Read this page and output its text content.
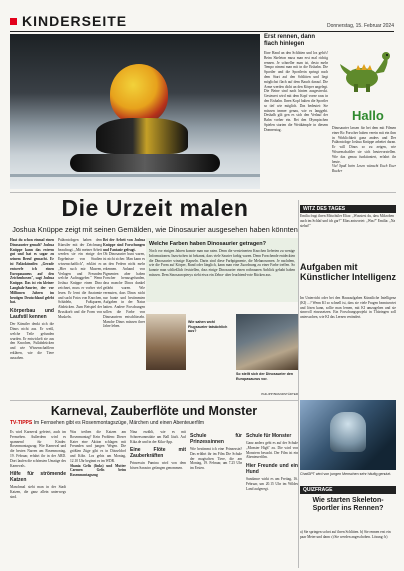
KINDERSEITE	Donnerstag, 15. Februar 2024
Erst rennen, dann flach hinlegen
Eine Hand an den Schlitten und los geht's! Beim Skeleton muss man erst mal richtig rennen. Je schneller man ist, desto mehr Tempo nimmt man mit in die Eisbahn. Die Sportler und die Sportlerin springt nach dem Start auf den Schlitten und liegt möglichst flach auf dem Bauch darauf. Die Arme werden dicht an den Körper angelegt. Die Beine sind nach hinten ausgestreckt. Gesteuert wird mit dem Kopf vorne raus in den Eisbahn. Ihren Kopf halten die Sportler so tief wie möglich. Das bedeutet: Sie müssen immer genau, wie es langgeht. Deshalb gilt gen es sich den Verlauf der Bahn vorher ein. Bei den Olympischen Spielen starten die Wettkämpfe in diesem Donnerstag.
Hallo
Dinosaurier lassen für bei dem mit Filmen einer Ro Forscher haben verein mit ein ihm in Wirklichkeit ganz anders und Der Paläontologe Joshua Knüppe arbeitet daran. Er will Dinos so zu zeigen, wie Wissenschaftler sie sich heutevorstellen. Wie das genau funktioniert, erfahrt ihr heute.
Viel Spaß beim Lesen wünscht Euch Euer Rucker
WITZ DES TAGES
Emilia fragt ihren Mitschüler Elias: „Wusstest du, dass Mikroben auch im Schlaf und ich gar?" Elias antwortet: „Was?" Emilia: „Na siehst!"
Die Urzeit malen
Joshua Knüppe zeigt mit seinen Gemälden, wie Dinosaurier ausgesehen haben könnten
Hast du schon einmal einen Dinosaurier gemalt? Joshua Knüppe kann das extrem gut und hat es sogar zu seinem Beruf gemacht. Er ist Paläokünstler. „Gerade entwerfe ich einen Europasaurus auf den Zeichenboxen", sagt Joshua Knüppe. Das ist ein kleiner Langhals-Saurier, der vor Millionen Jahren im heutigen Deutschland gelebt hat.
Körperbau und Laufstil kennen
Der Künstler denkt sich die Dinos nicht aus. Er weiß, welche Teile gefunden wurden. Er entwickelt sie aus den Knochen, Fußabdrücken und wie Wissenschaftlern erklären, wie die Tiere aussahen.
Paläontologen haben dem Künstler mit der Zeichnung beauftragt. „Mit meiner Arbeit werden sie ein einige der Ergebnisse von Studien wissenschaftlich", erklärt er. „Hier such mir Museen, Verlagen und Freunden welche Auftraggeber." Wenn Joshua Knüppe einen Dino zeichnet, muss er vorher viel lesen. Er lernt die Anatomie und sucht Fotos von Knochen, Schädeln, Fußspuren, Abdrücken. Zum Beispiel der Brustkorb und die Form von Muskeln.
Bei der Arbeit von Joshua Knüppe sind Forschungen und Fantasie gefragt.
Ob Dinosaurier bunt waren, ist nicht sicher. Man kann es an den Federn nicht mehr erkennen. Anhand von Pigmenten aber haben Forscher herausgefunden, dass manche Dinos dunkel gefärbt waren. Wie vermuten, dass Dinos nicht nur bunte und bestimmten Aufgaben in der Natur hatten. Andere Forschungen sollen die Farbe von Dinosauriern entschlüsseln. Manche Dinos müssen ihrer Jahre leben.
Welche Farben haben Dinosaurier getragen?
Noch vor einigen Jahren konnte man nur raten. Denn die versteinerten Knochen lieferten zu wenige Informationen. Inzwischen ist bekannt, dass viele Saurier farbig waren. Denn Forschende entdeckten die Dinosaurier winzige Kapseln. Darin sind diese Farbpigmente, die Melanosomen. Je nachdem, wie die Form auf Körper, Rund oder länglich, kann man eine Zuordnung zu einer Farbe treffen. So konnte man schließlich feststellen, dass einige Dinosaurier einen rotbraunen Anblick gehabt haben müssen. Dem Sinosauropteryx sieht etwa ein Zebra- aber leuchtend-rote Rücken aus.
Wie sahen wohl Flugsaurier tatsächlich aus?
So stellt sich der Dinosaurier den Europasaurus vor.
PHILIPP BRANDSTÄDTER
Aufgaben mit Künstlicher Intelligenz
Im Unterricht oder bei den Hausaufgaben Künstliche Intelligenz (KI) ...? Wenn KI so schnell ist, dass sie viele Fragen beantwortet und lösen kann, sollte man lernen, mit KI umzugehen und sie sinnvoll einzusetzen. Ein Forschungsprojekt in Thüringen soll untersuchen, wie KI das Lernen verändert.
ChatGPT wird von jungen Menschen sehr häufig genutzt.
Karneval, Zauberflöte und Monster
TV-TIPPS Im Fernsehen gibt es Rosenmontagszüge, Märchen und einen Abenteuerfilm
Es wird Karneval gefeiert, auch im Fernsehen. Außerdem wird es spannend für Kinder. Rosenmontagszug: Wie Karneval und die besten Narren am Rosenmontag, 19. Februar, erfahrt ihr in der ARD. Dort laufen die schönsten Umzüge des Karnevals.
Hilfe für strömende Katzen
Manchmal sieht man in der Stadt Katzen, die ganz allein unterwegs sind.
Was treiben die Katzen am Rosenmontag? Kein Problem: Dieser Kater eine Aktion schlagen mit Freunden und jungen Wegen. Die größten Züge gibt es in Düsseldorf und Köln. Los gehts am Montag, 12.10 Uhr beginnt es im WDR.
Shania Gelis (links) und Mutter Carmen Gelis beim Rosenmontagszug
Nina erzählt, wie es mit Schneesonnstütte am Ball läuft. Auf Kika.de und in der Kika-App.
Eine Flöte mit Zauberkräften
Prinzessin Pamina wird von dem bösen Sarastro gefangen genommen.
Schule für Prinzessinnen
Wie bestimmt ich eine Prinzessin? Das erfährt ihr im Film Die Schule der magischen Tiere, die am Montag, 19. Februar, um 7.25 Uhr im Ersten.
Schule für Monster
Ganz anders geht es auf der Schule „Monster High" zu. Die wird von Monstern besucht. Der Film ist ein Abenteuerfilm.
Hier Freunde und ein Hund
Sundance wirkt es am Freitag, 16. Februar, um 20.15 Uhr im Wildes Land aufgeregt.	QUIZFRAGE
Wie starten Skeleton-Sportler ins Rennen?
a) Sie springen sofort auf ihren Schlitten. b) Sie rennen erst ein paar Meter und dann c) Sie werden angeschoben. Lösung: b)
